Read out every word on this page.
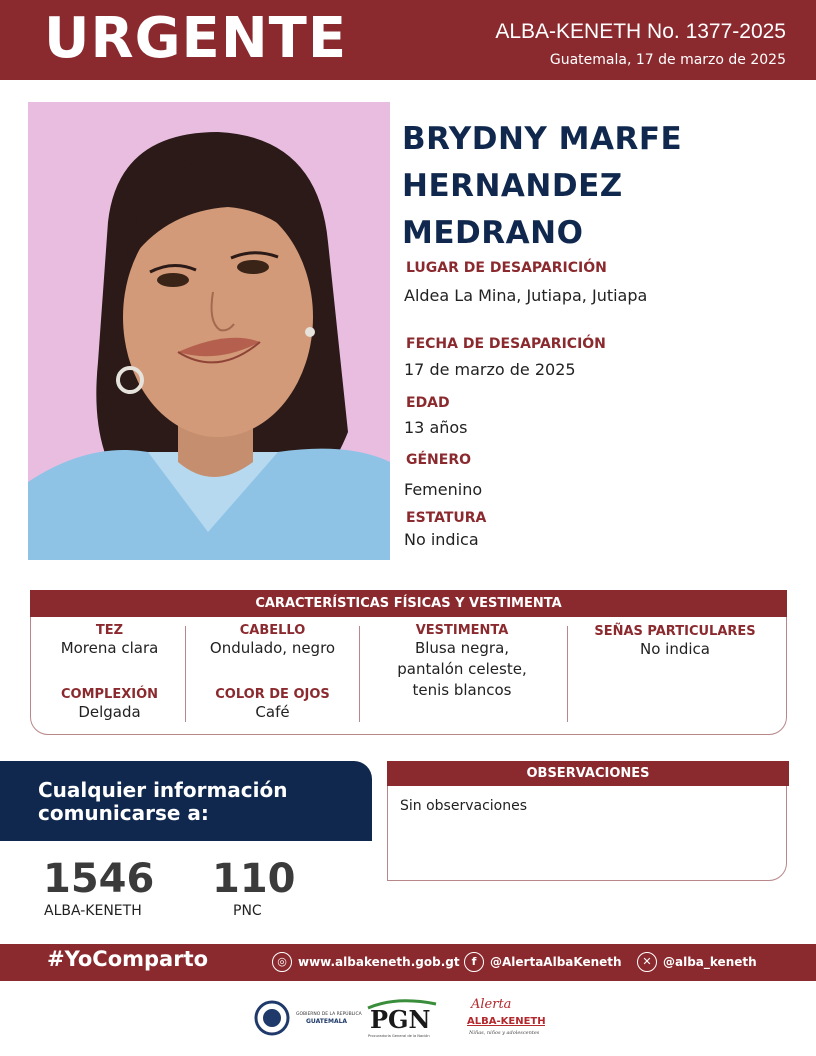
URGENTE	ALBA-KENETH No. 1377-2025
Guatemala, 17 de marzo de 2025
BRYDNY MARFE
HERNANDEZ
MEDRANO
LUGAR DE DESAPARICIÓN
Aldea La Mina, Jutiapa, Jutiapa
FECHA DE DESAPARICIÓN
17 de marzo de 2025
EDAD
13 años
GÉNERO
Femenino
ESTATURA
No indica
CARACTERÍSTICAS FÍSICAS Y VESTIMENTA
TEZ
Morena clara
COMPLEXIÓN
Delgada
CABELLO
Ondulado, negro
COLOR DE OJOS
Café
VESTIMENTA
Blusa negra,
pantalón celeste,
tenis blancos
SEÑAS PARTICULARES
No indica
Cualquier información
comunicarse a:
1546
ALBA-KENETH
110
PNC
OBSERVACIONES
Sin observaciones
#YoComparto	◎ www.albakeneth.gob.gt	f	@AlertaAlbaKeneth	✕ @alba_keneth
GOBIERNO DE LA REPÚBLICA
GUATEMALA PGN
Procuraduría General de la Nación
Alerta
ALBA-KENETH
Niñas, niños y adolescentes
